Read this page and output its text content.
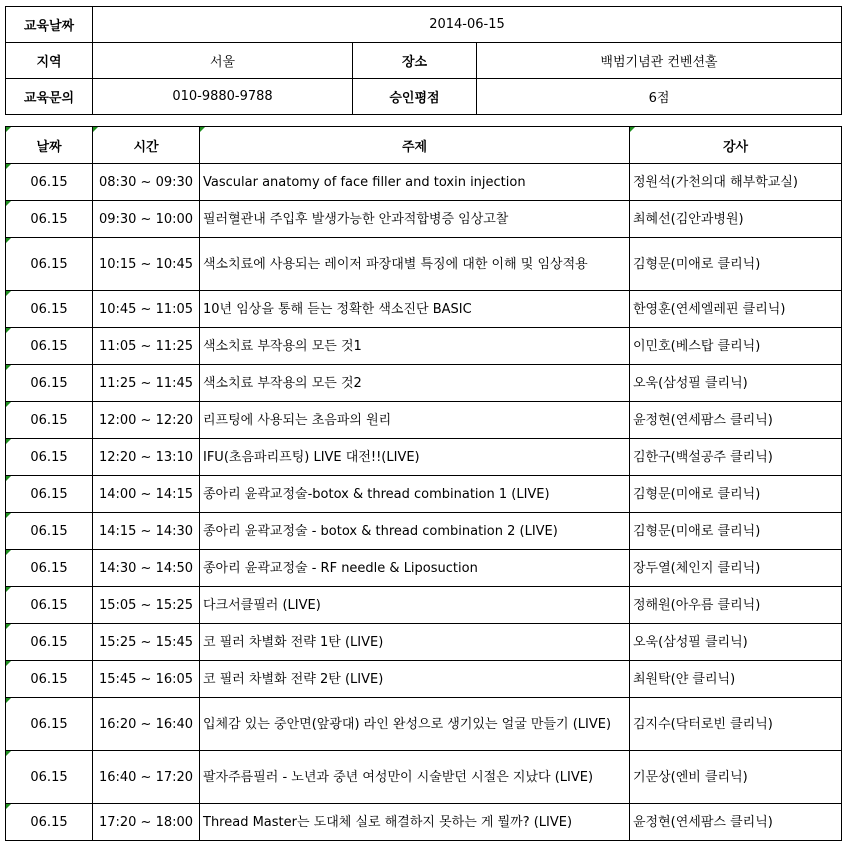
교육날짜	2014-06-15		
지역	서울	장소	백범기념관 컨벤션홀
교육문의	010-9880-9788	승인평점	6점
날짜	시간	주제	강사
06.15	08:30 ~ 09:30	Vascular anatomy of face filler and toxin injection	정원석(가천의대 해부학교실)
06.15	09:30 ~ 10:00	필러혈관내 주입후 발생가능한 안과적합병증 임상고찰	최혜선(김안과병원)
06.15	10:15 ~ 10:45	색소치료에 사용되는 레이저 파장대별 특징에 대한 이해 및 임상적용	김형문(미애로 클리닉)
06.15	10:45 ~ 11:05	10년 임상을 통해 듣는 정확한 색소진단 BASIC	한영훈(연세엘레핀 클리닉)
06.15	11:05 ~ 11:25	색소치료 부작용의 모든 것1	이민호(베스탑 클리닉)
06.15	11:25 ~ 11:45	색소치료 부작용의 모든 것2	오욱(삼성필 클리닉)
06.15	12:00 ~ 12:20	리프팅에 사용되는 초음파의 원리	윤정현(연세팜스 클리닉)
06.15	12:20 ~ 13:10	IFU(초음파리프팅) LIVE 대전!!(LIVE)	김한구(백설공주 클리닉)
06.15	14:00 ~ 14:15	종아리 윤곽교정술-botox & thread combination 1 (LIVE)	김형문(미애로 클리닉)
06.15	14:15 ~ 14:30	종아리 윤곽교정술 - botox & thread combination 2 (LIVE)	김형문(미애로 클리닉)
06.15	14:30 ~ 14:50	종아리 윤곽교정술 - RF needle & Liposuction	장두열(체인지 클리닉)
06.15	15:05 ~ 15:25	다크서클필러 (LIVE)	정해원(아우름 클리닉)
06.15	15:25 ~ 15:45	코 필러 차별화 전략 1탄 (LIVE)	오욱(삼성필 클리닉)
06.15	15:45 ~ 16:05	코 필러 차별화 전략 2탄 (LIVE)	최원탁(얀 클리닉)
06.15	16:20 ~ 16:40	입체감 있는 중안면(앞광대) 라인 완성으로 생기있는 얼굴 만들기 (LIVE)	김지수(닥터로빈 클리닉)
06.15	16:40 ~ 17:20	팔자주름필러 - 노년과 중년 여성만이 시술받던 시절은 지났다 (LIVE)	기문상(엔비 클리닉)
06.15	17:20 ~ 18:00	Thread Master는 도대체 실로 해결하지 못하는 게 뭘까? (LIVE)	윤정현(연세팜스 클리닉)
